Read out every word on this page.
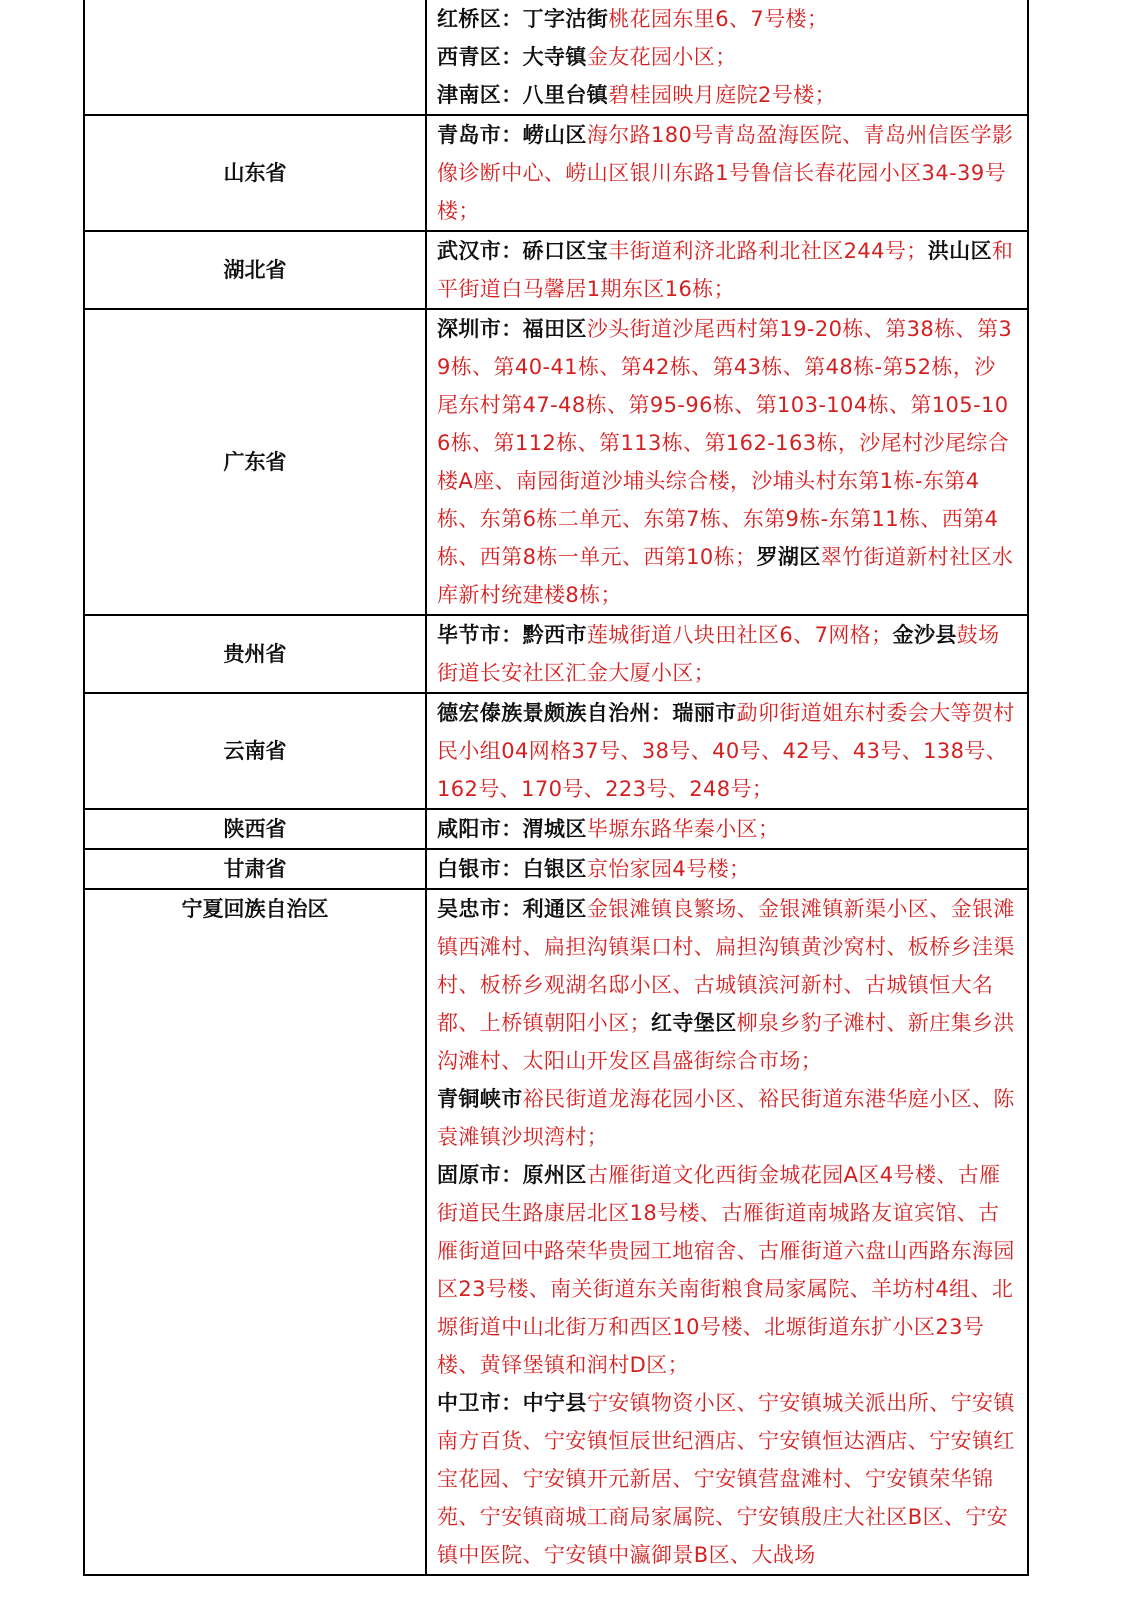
	红桥区：丁字沽街桃花园东里6、7号楼；

西青区：大寺镇金友花园小区；

津南区：八里台镇碧桂园映月庭院2号楼；

山东省	青岛市：崂山区海尔路180号青岛盈海医院、青岛州信医学影像诊断中心、崂山区银川东路1号鲁信长春花园小区34-39号楼；

湖北省	武汉市：硚口区宝丰街道利济北路利北社区244号；洪山区和平街道白马馨居1期东区16栋；

广东省	深圳市：福田区沙头街道沙尾西村第19-20栋、第38栋、第39栋、第40-41栋、第42栋、第43栋、第48栋-第52栋，沙尾东村第47-48栋、第95-96栋、第103-104栋、第105-106栋、第112栋、第113栋、第162-163栋，沙尾村沙尾综合楼A座、南园街道沙埔头综合楼，沙埔头村东第1栋-东第4栋、东第6栋二单元、东第7栋、东第9栋-东第11栋、西第4栋、西第8栋一单元、西第10栋；罗湖区翠竹街道新村社区水库新村统建楼8栋；

贵州省	毕节市：黔西市莲城街道八块田社区6、7网格；金沙县鼓场街道长安社区汇金大厦小区；

云南省	德宏傣族景颇族自治州：瑞丽市勐卯街道姐东村委会大等贺村民小组04网格37号、38号、40号、42号、43号、138号、162号、170号、223号、248号；

陕西省	咸阳市：渭城区毕塬东路华秦小区；

甘肃省	白银市：白银区京怡家园4号楼；

宁夏回族自治区	吴忠市：利通区金银滩镇良繁场、金银滩镇新渠小区、金银滩镇西滩村、扁担沟镇渠口村、扁担沟镇黄沙窝村、板桥乡洼渠村、板桥乡观湖名邸小区、古城镇滨河新村、古城镇恒大名都、上桥镇朝阳小区；红寺堡区柳泉乡豹子滩村、新庄集乡洪沟滩村、太阳山开发区昌盛街综合市场；

青铜峡市裕民街道龙海花园小区、裕民街道东港华庭小区、陈袁滩镇沙坝湾村；

固原市：原州区古雁街道文化西街金城花园A区4号楼、古雁街道民生路康居北区18号楼、古雁街道南城路友谊宾馆、古雁街道回中路荣华贵园工地宿舍、古雁街道六盘山西路东海园区23号楼、南关街道东关南街粮食局家属院、羊坊村4组、北塬街道中山北街万和西区10号楼、北塬街道东扩小区23号楼、黄铎堡镇和润村D区；

中卫市：中宁县宁安镇物资小区、宁安镇城关派出所、宁安镇南方百货、宁安镇恒辰世纪酒店、宁安镇恒达酒店、宁安镇红宝花园、宁安镇开元新居、宁安镇营盘滩村、宁安镇荣华锦苑、宁安镇商城工商局家属院、宁安镇殷庄大社区B区、宁安镇中医院、宁安镇中瀛御景B区、大战场
